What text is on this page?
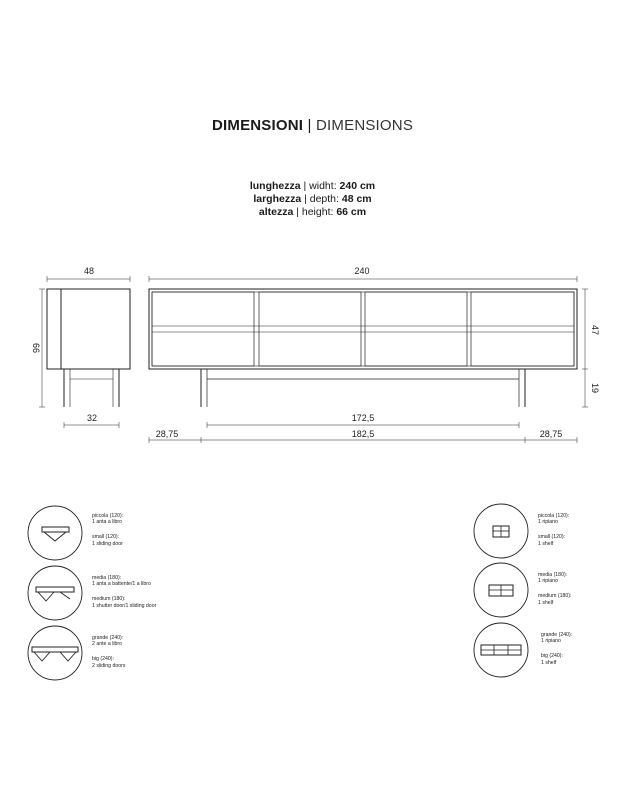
DIMENSIONI | DIMENSIONS
lunghezza | widht: 240 cm
larghezza | depth: 48 cm
altezza | height: 66 cm
48	240
66
47
19
32	172,5
28,75	182,5	28,75

piccola (120):

1 anta a libro

small (120):

1 sliding door

media (180):

1 anta a battente/1 a libro

medium (180):

1 shutter door/1 sliding door

grande (240):

2 ante a libro

big (240):

2 sliding doors

piccola (120):

1 ripiano

small (120):

1 shelf

media (180):

1 ripiano

medium (180):

1 shelf

grande (240):

1 ripiano

big (240):

1 shelf
